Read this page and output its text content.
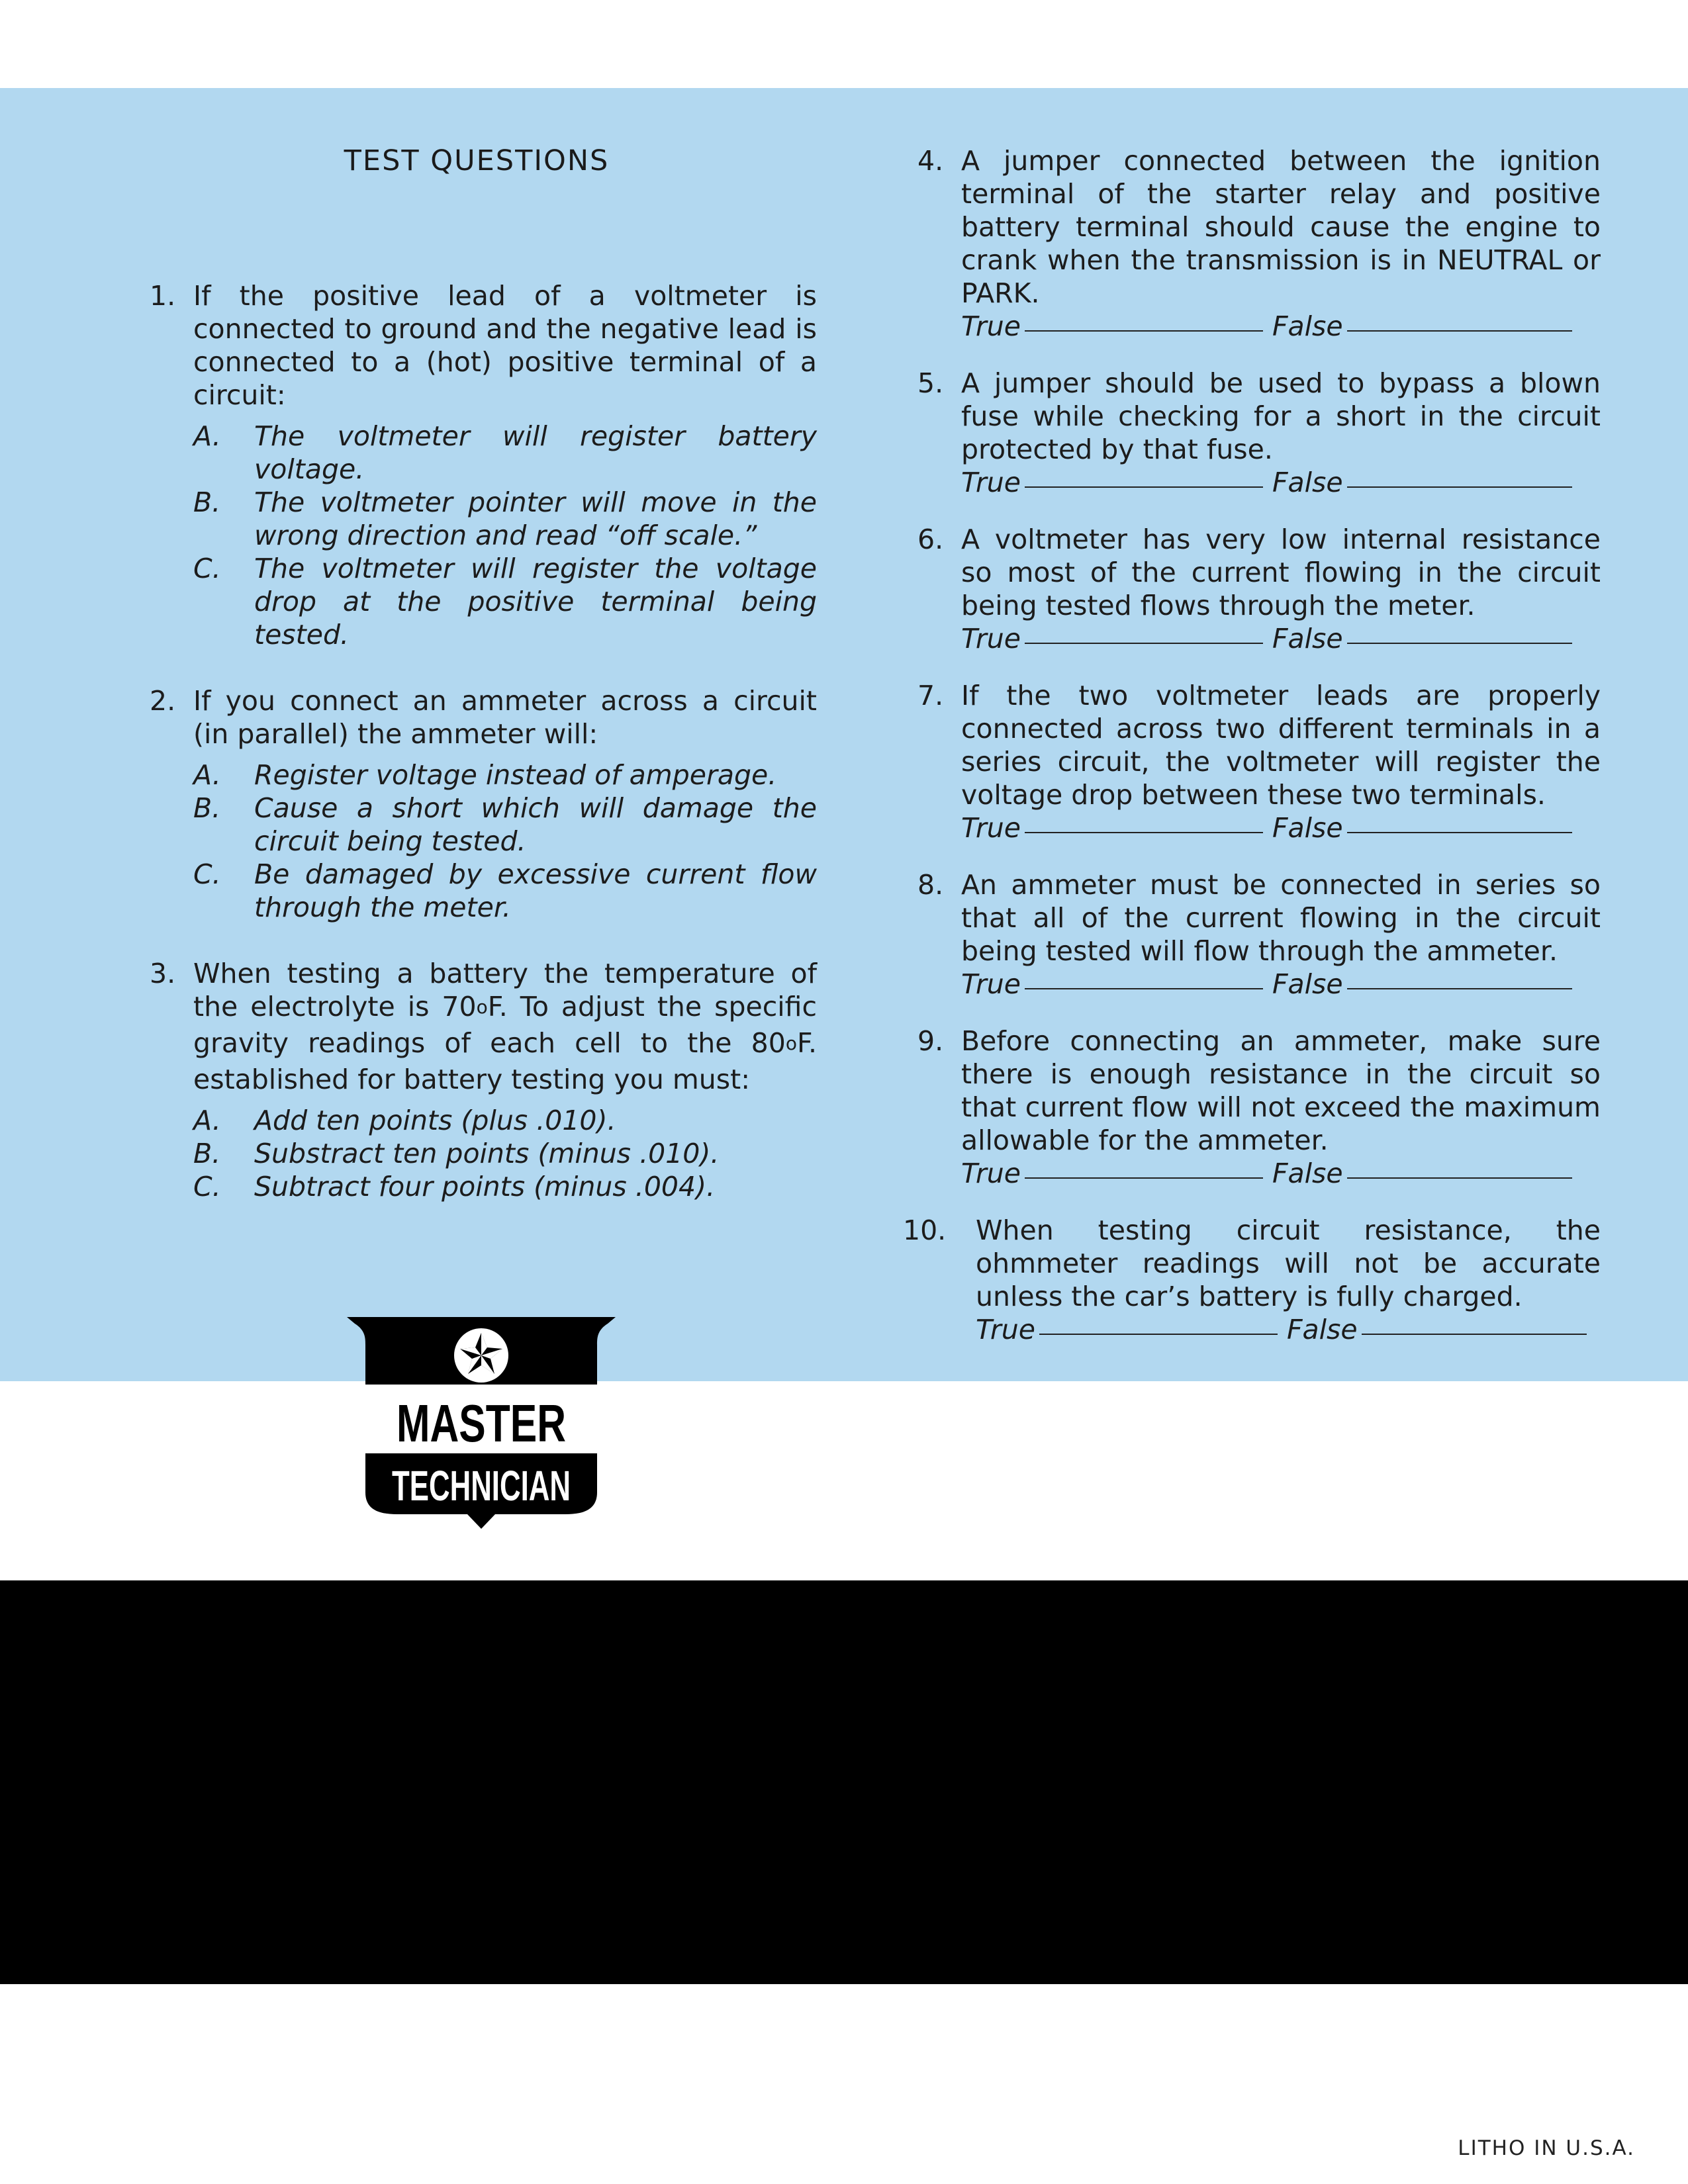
TEST QUESTIONS
1. If the positive lead of a voltmeter is connected to ground and the negative lead is connected to a (hot) positive terminal of a circuit:
A. The voltmeter will register battery voltage.
B. The voltmeter pointer will move in the wrong direction and read “off scale.”
C. The voltmeter will register the voltage drop at the positive terminal being tested.
2. If you connect an ammeter across a circuit (in parallel) the ammeter will:
A. Register voltage instead of amperage.
B. Cause a short which will damage the circuit being tested.
C. Be damaged by excessive current flow through the meter.
3. When testing a battery the temperature of the electrolyte is 70$^o$F. To adjust the specific gravity readings of each cell to the 80$^o$F. established for battery testing you must:
A. Add ten points (plus .010).
B. Substract ten points (minus .010).
C. Subtract four points (minus .004).
4. A jumper connected between the ignition terminal of the starter relay and positive battery terminal should cause the engine to crank when the transmission is in NEUTRAL or PARK.
True	False
5. A jumper should be used to bypass a blown fuse while checking for a short in the circuit protected by that fuse.
True	False
6. A voltmeter has very low internal resistance so most of the current flowing in the circuit being tested flows through the meter.
True	False
7. If the two voltmeter leads are properly connected across two different terminals in a series circuit, the voltmeter will register the voltage drop between these two terminals.
True	False
8. An ammeter must be connected in series so that all of the current flowing in the circuit being tested will flow through the ammeter.
True	False
9. Before connecting an ammeter, make sure there is enough resistance in the circuit so that current flow will not exceed the maximum allowable for the ammeter.
True	False
10. When testing circuit resistance, the ohmmeter readings will not be accurate unless the car’s battery is fully charged.
True	False
MASTER
TECHNICIAN
LITHO IN U.S.A.
